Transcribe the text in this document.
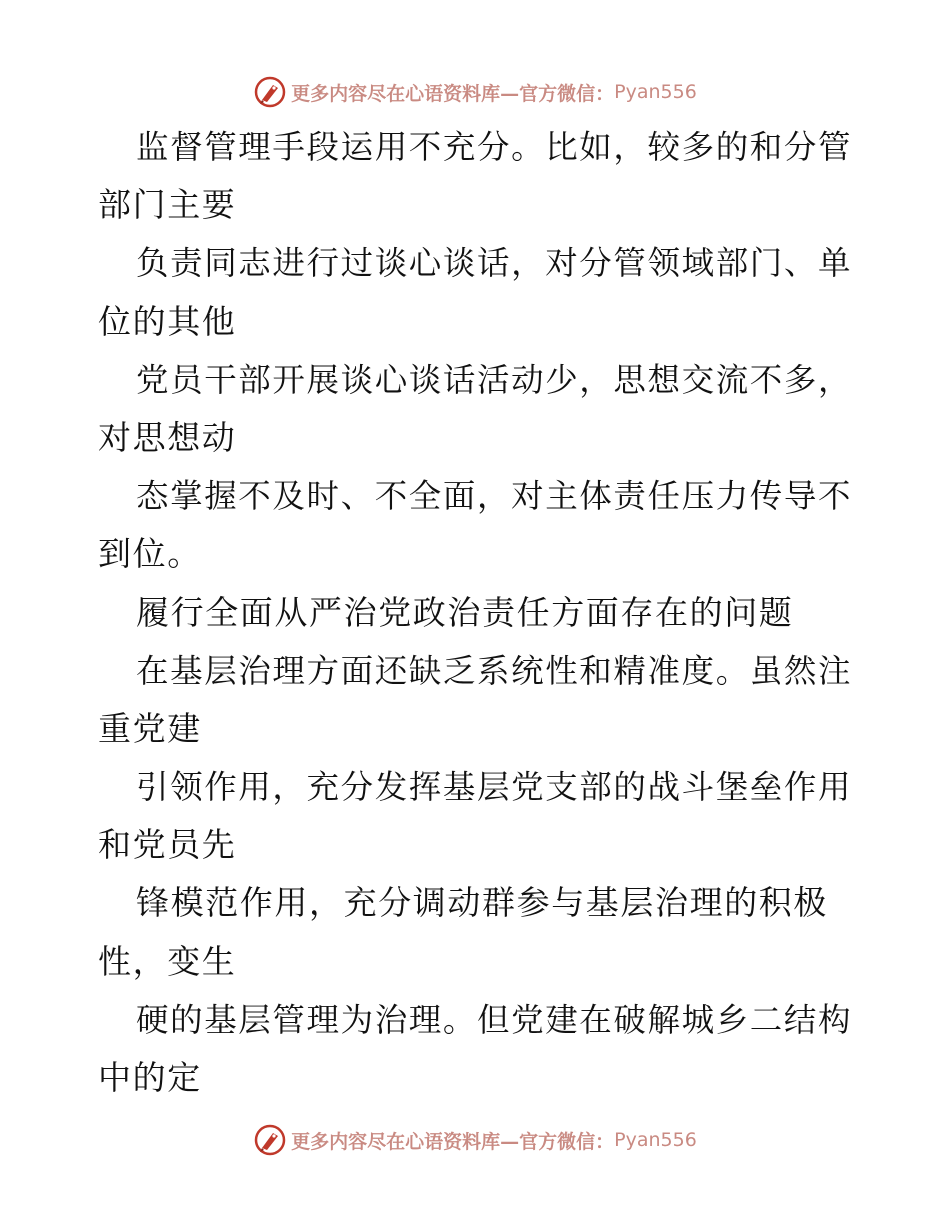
更多内容尽在心语资料库—官方微信： Pyan556
监督管理手段运用不充分。比如，较多的和分管
部门主要
负责同志进行过谈心谈话，对分管领域部门、单
位的其他
党员干部开展谈心谈话活动少，思想交流不多，
对思想动
态掌握不及时、不全面，对主体责任压力传导不
到位。
履行全面从严治党政治责任方面存在的问题
在基层治理方面还缺乏系统性和精准度。虽然注
重党建
引领作用，充分发挥基层党支部的战斗堡垒作用
和党员先
锋模范作用，充分调动群参与基层治理的积极
性，变生
硬的基层管理为治理。但党建在破解城乡二结构
中的定
更多内容尽在心语资料库—官方微信： Pyan556
